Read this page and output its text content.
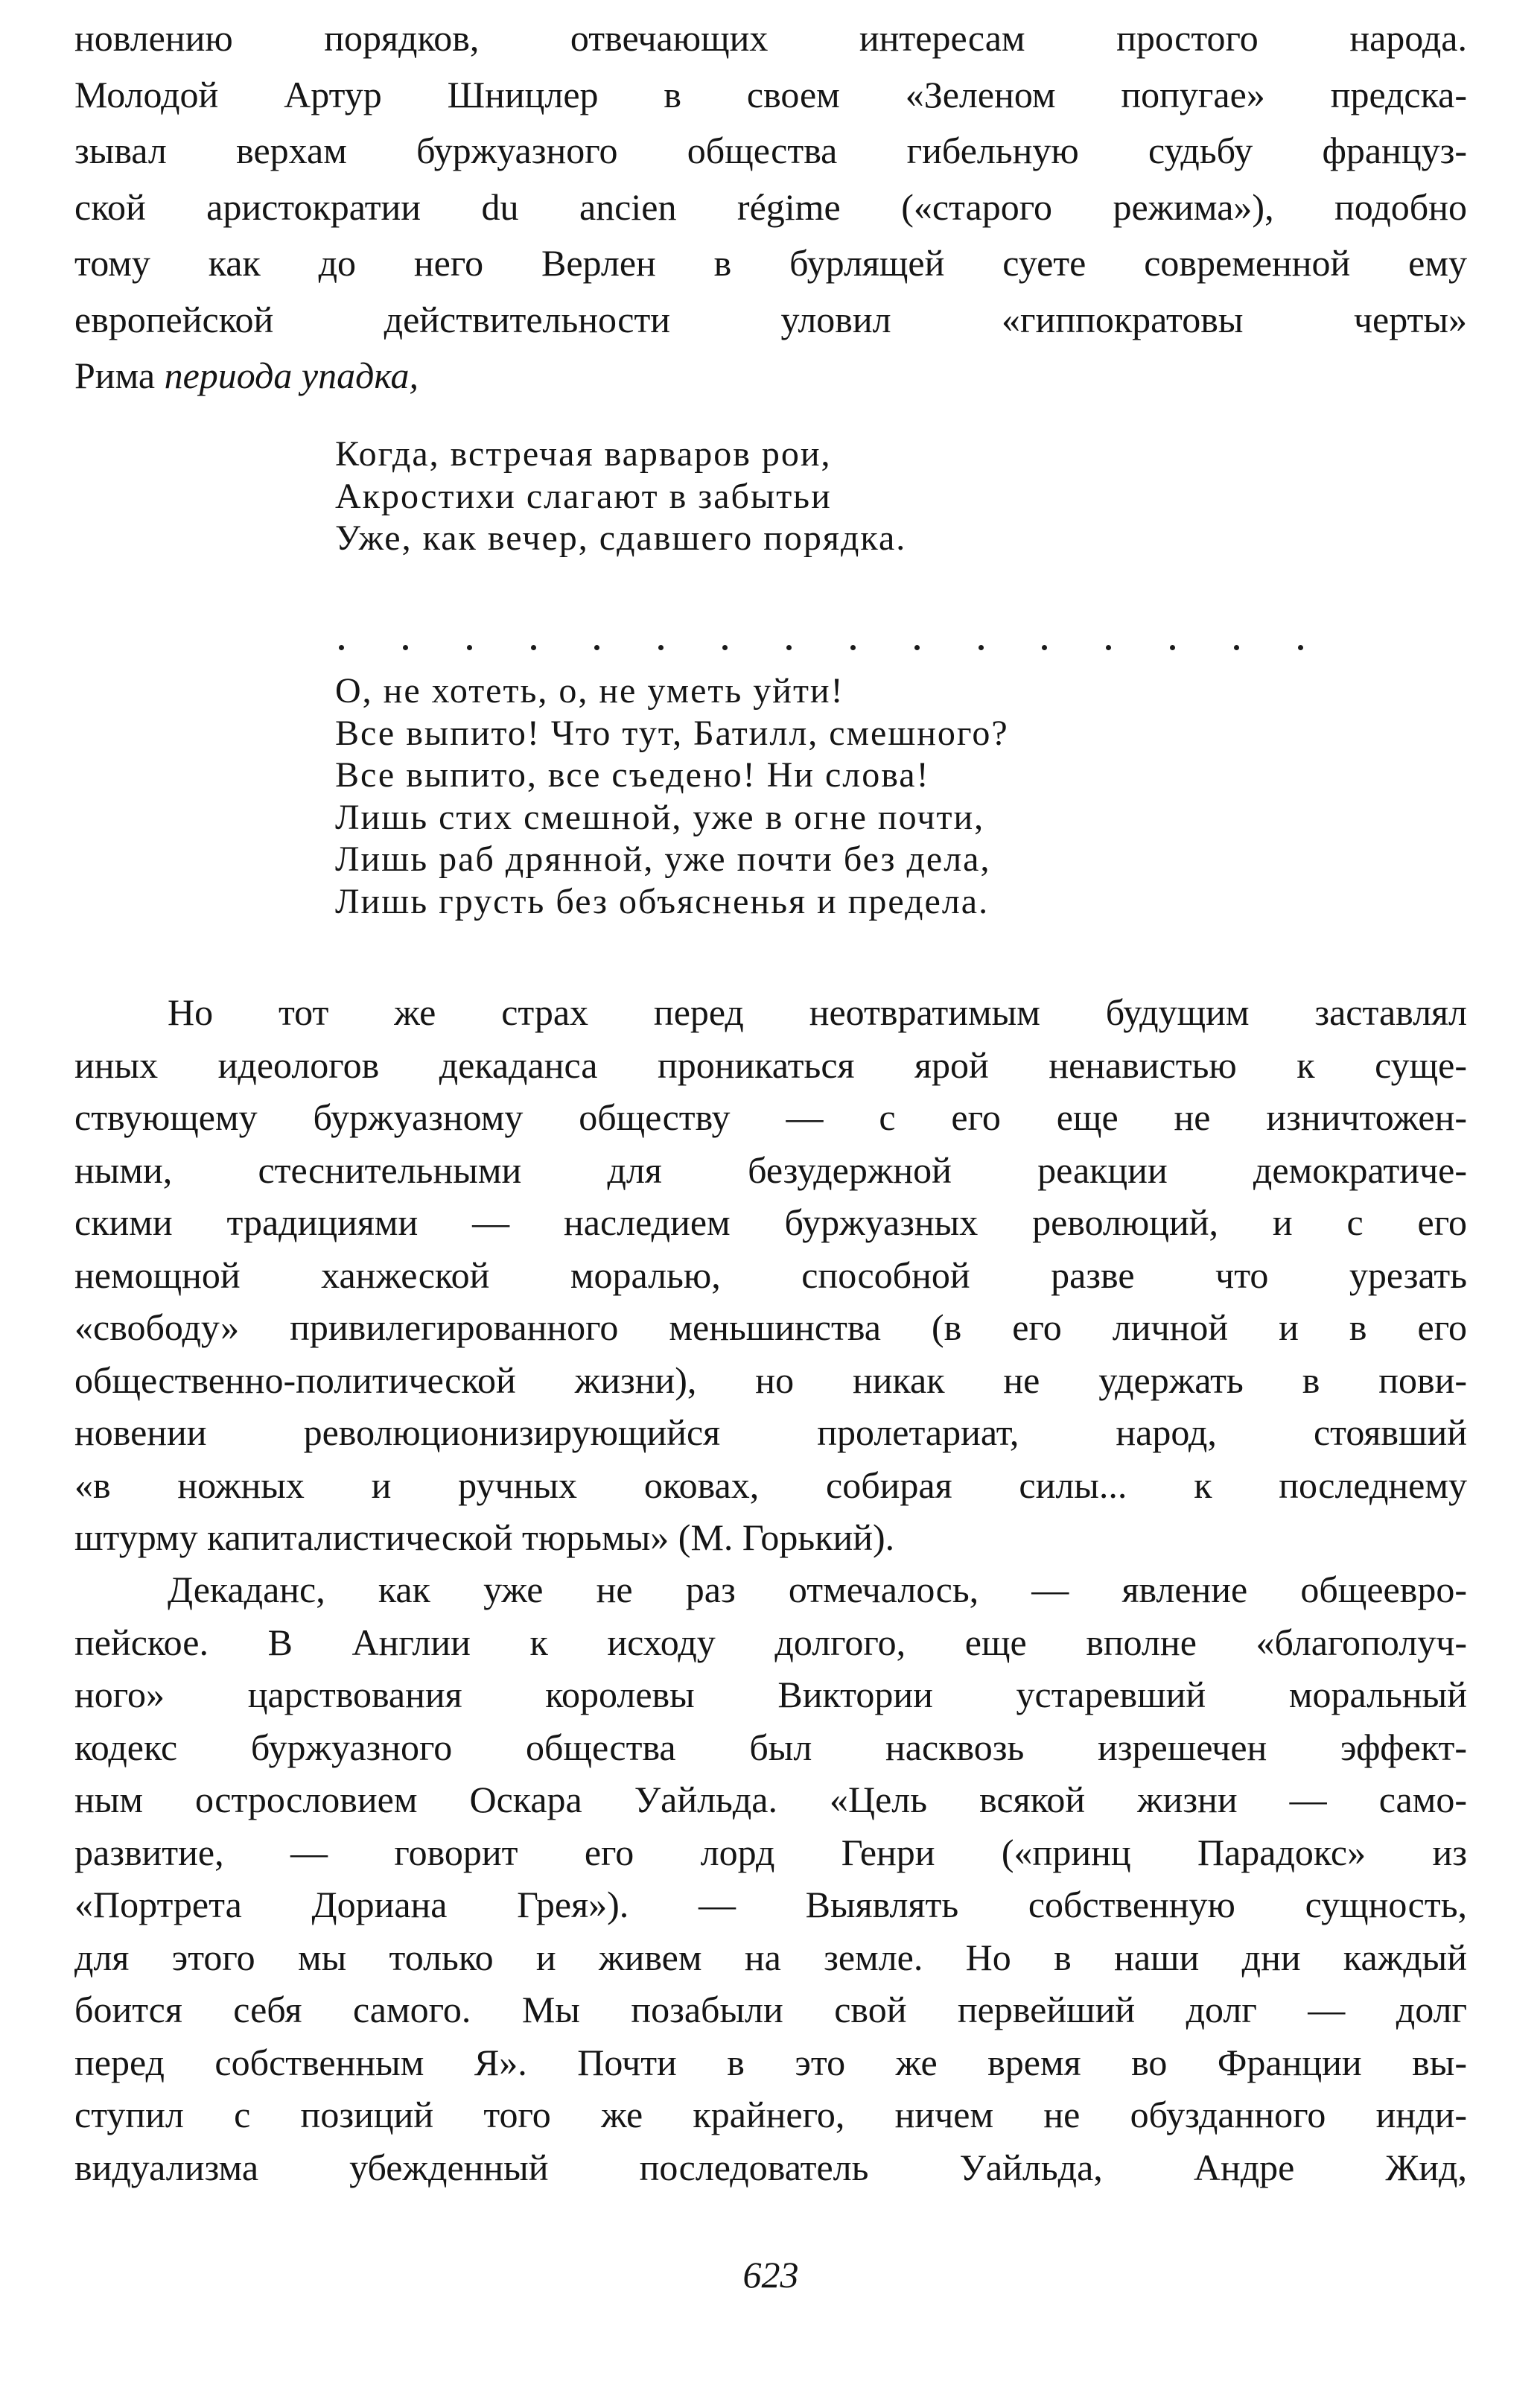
новлению порядков, отвечающих интересам простого народа.
Молодой Артур Шницлер в своем «Зеленом попугае» предска-
зывал верхам буржуазного общества гибельную судьбу француз-
ской аристократии du ancien régime («старого режима»), подобно
тому как до него Верлен в бурлящей суете современной ему
европейской действительности уловил «гиппократовы черты»
Рима периода упадка,
Когда, встречая варваров рои,
Акростихи слагают в забытьи
Уже, как вечер, сдавшего порядка.
О, не хотеть, о, не уметь уйти!
Все выпито! Что тут, Батилл, смешного?
Все выпито, все съедено! Ни слова!
Лишь стих смешной, уже в огне почти,
Лишь раб дрянной, уже почти без дела,
Лишь грусть без объясненья и предела.
Но тот же страх перед неотвратимым будущим заставлял
иных идеологов декаданса проникаться ярой ненавистью к суще-
ствующему буржуазному обществу — с его еще не изничтожен-
ными, стеснительными для безудержной реакции демократиче-
скими традициями — наследием буржуазных революций, и с его
немощной ханжеской моралью, способной разве что урезать
«свободу» привилегированного меньшинства (в его личной и в его
общественно-политической жизни), но никак не удержать в пови-
новении революционизирующийся пролетариат, народ, стоявший
«в ножных и ручных оковах, собирая силы... к последнему
штурму капиталистической тюрьмы» (М. Горький).
Декаданс, как уже не раз отмечалось, — явление общеевро-
пейское. В Англии к исходу долгого, еще вполне «благополуч-
ного» царствования королевы Виктории устаревший моральный
кодекс буржуазного общества был насквозь изрешечен эффект-
ным острословием Оскара Уайльда. «Цель всякой жизни — само-
развитие, — говорит его лорд Генри («принц Парадокс» из
«Портрета Дориана Грея»). — Выявлять собственную сущность,
для этого мы только и живем на земле. Но в наши дни каждый
боится себя самого. Мы позабыли свой первейший долг — долг
перед собственным Я». Почти в это же время во Франции вы-
ступил с позиций того же крайнего, ничем не обузданного инди-
видуализма убежденный последователь Уайльда, Андре Жид,
623
